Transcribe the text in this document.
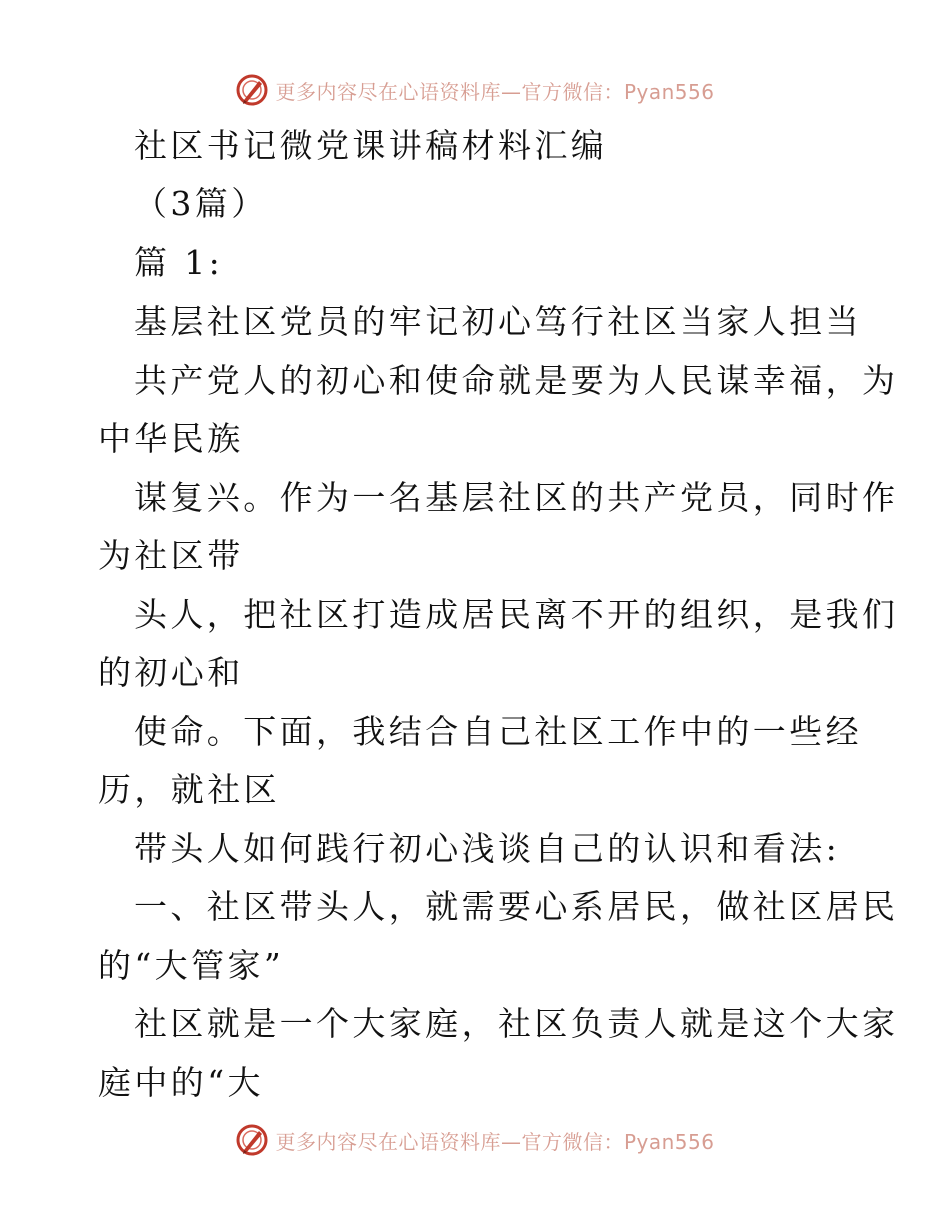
更多内容尽在心语资料库—官方微信：Pyan556
社区书记微党课讲稿材料汇编
（3篇）
篇 1:
基层社区党员的牢记初心笃行社区当家人担当
共产党人的初心和使命就是要为人民谋幸福，为
中华民族
谋复兴。作为一名基层社区的共产党员，同时作
为社区带
头人，把社区打造成居民离不开的组织，是我们
的初心和
使命。下面，我结合自己社区工作中的一些经
历，就社区
带头人如何践行初心浅谈自己的认识和看法:
一、社区带头人，就需要心系居民，做社区居民
的“大管家”
社区就是一个大家庭，社区负责人就是这个大家
庭中的“大
更多内容尽在心语资料库—官方微信：Pyan556
